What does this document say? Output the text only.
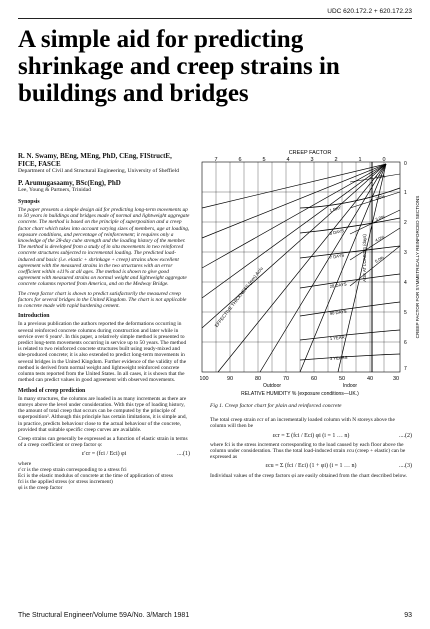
UDC 620.172.2 + 620.172.23
A simple aid for predicting shrinkage and creep strains in buildings and bridges
R. N. Swamy, BEng, MEng, PhD, CEng, FIStructE, FICE, FASCE
Department of Civil and Structural Engineering, University of Sheffield
P. Arumugasaamy, BSc(Eng), PhD
Lee, Young & Partners, Trinidad
Synopsis

The paper presents a simple design aid for predicting long-term movements up to 50 years in buildings and bridges made of normal and lightweight aggregate concrete. The method is based on the principle of superposition and a creep factor chart which takes into account varying sizes of members, age at loading, exposure conditions, and percentage of reinforcement; it requires only a knowledge of the 28-day cube strength and the loading history of the member. The method is developed from a study of in situ movements in two reinforced concrete structures subjected to incremental loading. The predicted load-induced and basic (i.e. elastic + shrinkage + creep) strains show excellent agreement with the measured strains in the two structures with an error coefficient within ±11% at all ages. The method is shown to give good agreement with measured strains on normal weight and lightweight aggregate concrete columns reported from America, and on the Medway Bridge.

The creep factor chart is shown to predict satisfactorily the measured creep factors for several bridges in the United Kingdom. The chart is not applicable to concrete made with rapid hardening cement.

Introduction

In a previous publication the authors reported the deformations occurring in several reinforced concrete columns during construction and later while in service over 6 years¹. In this paper, a relatively simple method is presented to predict long-term movements occurring in service up to 50 years. The method is related to two reinforced concrete structures built using ready-mixed and site-produced concrete; it is also extended to predict long-term movements in several bridges in the United Kingdom. Further evidence of the validity of the method is derived from normal weight and lightweight reinforced concrete column tests reported from the United States. In all cases, it is shown that the method can predict values in good agreement with observed movements.

Method of creep prediction

In many structures, the columns are loaded in as many increments as there are storeys above the level under consideration. With this type of loading history, the amount of total creep that occurs can be computed by the principle of superposition². Although this principle has certain limitations, it is simple and, in practice, predicts behaviour close to the actual behaviour of the concrete, provided that suitable specific creep curves are available.

Creep strains can generally be expressed as a function of elastic strain in terms of a creep coefficient or creep factor φ:

ε′cr = (fci / Eci) φi	....(1)
where
ε′cr is the creep strain corresponding to a stress fci
Eci is the elastic modulus of concrete at the time of application of stress
fci is the applied stress (or stress increment)
φi is the creep factor
CREEP FACTOR
7	6	5	4	3	2	1	0
0
1
2
3
4
5
6
7
CREEP FACTOR FOR SYMMETRICALLY REINFORCED SECTIONS
AGE AT LOADING (days)
EFFECTIVE THICKNESS (mm) Ac/u
1.0%
2.0%
3.0%
4.0%
5.0%
1 DAY
3 DAYS
7 DAYS
28 DAYS
90 DAYS
1 YEAR
3 YEARS
100	90	80	70	60	50	40	30
Outdoor	Indoor
RELATIVE HUMIDITY % (exposure conditions—UK.)
Fig 1. Creep factor chart for plain and reinforced concrete

The total creep strain εcr of an incrementally loaded column with N storeys above the column will then be

εcr = Σ (fci / Eci) φi (i = 1 … n)	....(2)

where fci is the stress increment corresponding to the load caused by each floor above the column under consideration. Thus the total load-induced strain εcu (creep + elastic) can be expressed as

εcu = Σ (fci / Eci) (1 + φi) (i = 1 … n)	....(3)

Individual values of the creep factors φi are easily obtained from the chart described below.

The Structural Engineer/Volume 59A/No. 3/March 1981	93
